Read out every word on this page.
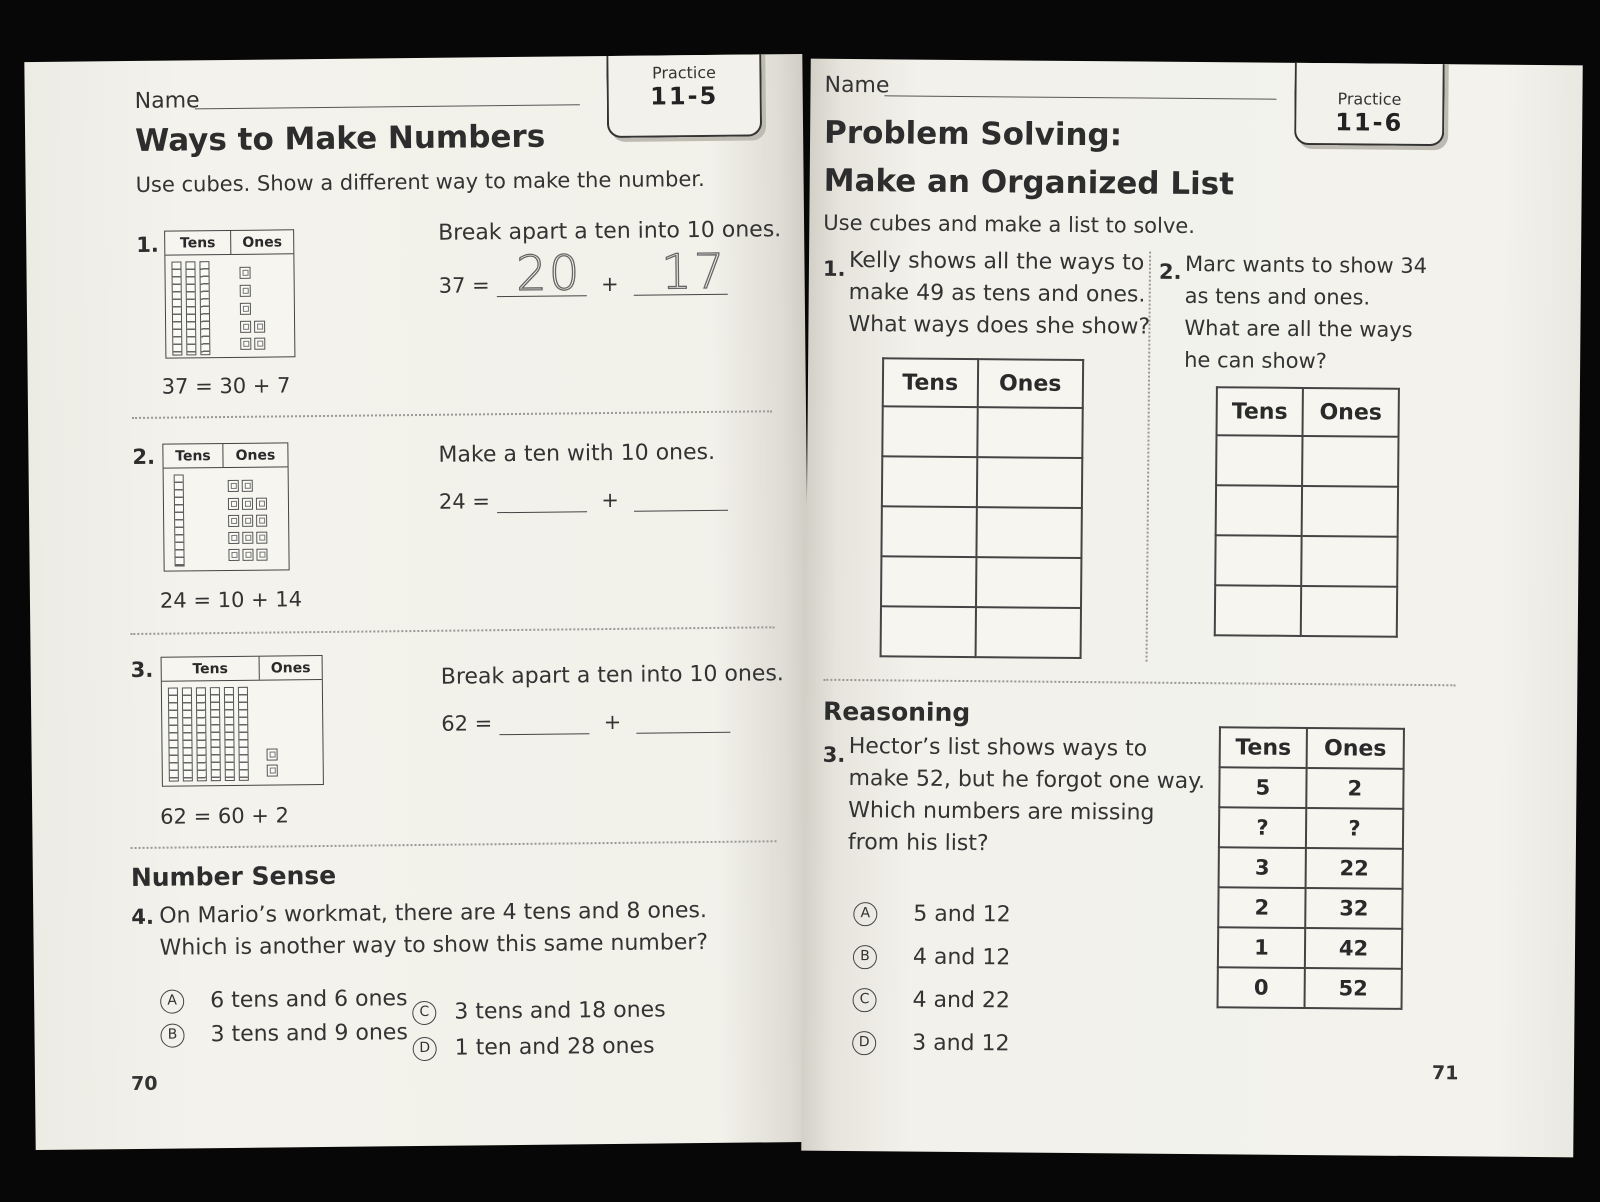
Name
Practice
11-5
Ways to Make Numbers
Use cubes. Show a different way to make the number.
1.	Tens	Ones
37 = 30 + 7
Break apart a ten into 10 ones.
37 = 20 + 17
2.	Tens	Ones
24 = 10 + 14
Make a ten with 10 ones.
24 =	+
3.	Tens	Ones
62 = 60 + 2
Break apart a ten into 10 ones.
62 =	+
Number Sense
4. On Mario’s workmat, there are 4 tens and 8 ones.
Which is another way to show this same number?
A 6 tens and 6 ones
B 3 tens and 9 ones
C 3 tens and 18 ones
D 1 ten and 28 ones
70
Name
Practice
11-6
Problem Solving:
Make an Organized List
Use cubes and make a list to solve.
1. Kelly shows all the ways to
make 49 as tens and ones.
What ways does she show?
Tens	Ones

2. Marc wants to show 34
as tens and ones.
What are all the ways
he can show?
Tens	Ones

Reasoning
3. Hector’s list shows ways to
make 52, but he forgot one way.
Which numbers are missing
from his list?
A 5 and 12
B 4 and 12
C 4 and 22
D 3 and 12
Tens	Ones
5	2
?	?
3	22
2	32
1	42
0	52
71
